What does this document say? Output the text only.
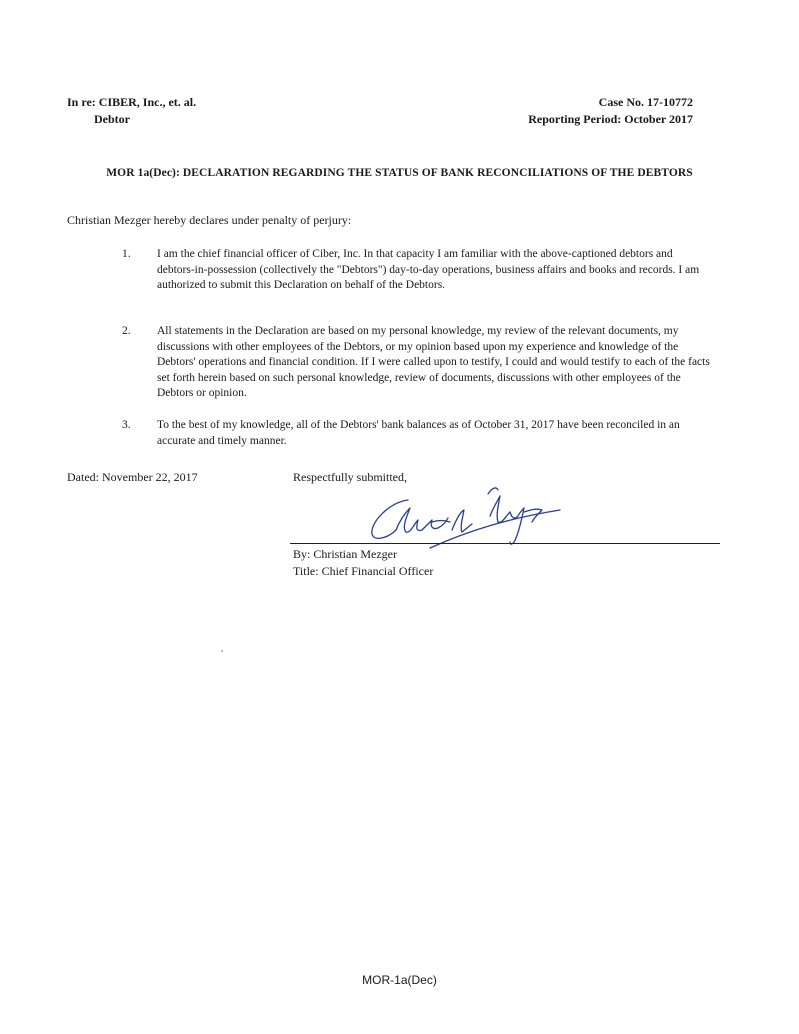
In re: CIBER, Inc., et. al.
Debtor
Case No. 17-10772
Reporting Period: October 2017
MOR 1a(Dec): DECLARATION REGARDING THE STATUS OF BANK RECONCILIATIONS OF THE DEBTORS
Christian Mezger hereby declares under penalty of perjury:
1. I am the chief financial officer of Ciber, Inc. In that capacity I am familiar with the above-captioned debtors and debtors-in-possession (collectively the "Debtors") day-to-day operations, business affairs and books and records. I am authorized to submit this Declaration on behalf of the Debtors.
2. All statements in the Declaration are based on my personal knowledge, my review of the relevant documents, my discussions with other employees of the Debtors, or my opinion based upon my experience and knowledge of the Debtors' operations and financial condition. If I were called upon to testify, I could and would testify to each of the facts set forth herein based on such personal knowledge, review of documents, discussions with other employees of the Debtors or opinion.
3. To the best of my knowledge, all of the Debtors' bank balances as of October 31, 2017 have been reconciled in an accurate and timely manner.
Dated: November 22, 2017	Respectfully submitted,
By: Christian Mezger
Title: Chief Financial Officer
MOR-1a(Dec)
